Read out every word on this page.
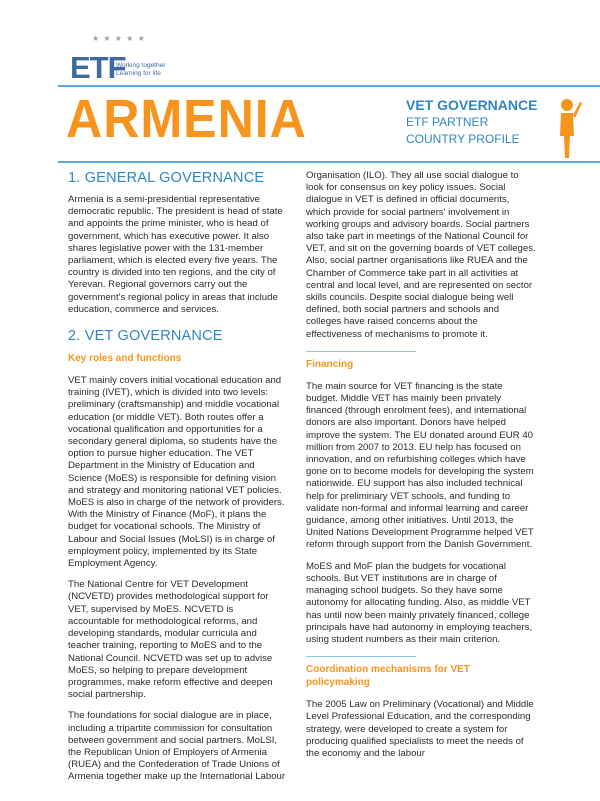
★ ★ ★ ★ ★
ETF
Working together
Learning for life
ARMENIA	VET GOVERNANCE
ETF PARTNER
COUNTRY PROFILE
1. GENERAL GOVERNANCE
Armenia is a semi-presidential representative democratic republic. The president is head of state and appoints the prime minister, who is head of government, which has executive power. It also shares legislative power with the 131-member parliament, which is elected every five years. The country is divided into ten regions, and the city of Yerevan. Regional governors carry out the government's regional policy in areas that include education, commerce and services.
2. VET GOVERNANCE
Key roles and functions
VET mainly covers initial vocational education and training (IVET), which is divided into two levels: preliminary (craftsmanship) and middle vocational education (or middle VET). Both routes offer a vocational qualification and opportunities for a secondary general diploma, so students have the option to pursue higher education. The VET Department in the Ministry of Education and Science (MoES) is responsible for defining vision and strategy and monitoring national VET policies. MoES is also in charge of the network of providers. With the Ministry of Finance (MoF), it plans the budget for vocational schools. The Ministry of Labour and Social Issues (MoLSI) is in charge of employment policy, implemented by its State Employment Agency.
The National Centre for VET Development (NCVETD) provides methodological support for VET, supervised by MoES. NCVETD is accountable for methodological reforms, and developing standards, modular curricula and teacher training, reporting to MoES and to the National Council. NCVETD was set up to advise MoES, so helping to prepare development programmes, make reform effective and deepen social partnership.
The foundations for social dialogue are in place, including a tripartite commission for consultation between government and social partners. MoLSI, the Republican Union of Employers of Armenia (RUEA) and the Confederation of Trade Unions of Armenia together make up the International Labour
Organisation (ILO). They all use social dialogue to look for consensus on key policy issues. Social dialogue in VET is defined in official documents, which provide for social partners' involvement in working groups and advisory boards. Social partners also take part in meetings of the National Council for VET, and sit on the governing boards of VET colleges. Also, social partner organisations like RUEA and the Chamber of Commerce take part in all activities at central and local level, and are represented on sector skills councils. Despite social dialogue being well defined, both social partners and schools and colleges have raised concerns about the effectiveness of mechanisms to promote it.
Financing
The main source for VET financing is the state budget. Middle VET has mainly been privately financed (through enrolment fees), and international donors are also important. Donors have helped improve the system. The EU donated around EUR 40 million from 2007 to 2013. EU help has focused on innovation, and on refurbishing colleges which have gone on to become models for developing the system nationwide. EU support has also included technical help for preliminary VET schools, and funding to validate non-formal and informal learning and career guidance, among other initiatives. Until 2013, the United Nations Development Programme helped VET reform through support from the Danish Government.
MoES and MoF plan the budgets for vocational schools. But VET institutions are in charge of managing school budgets. So they have some autonomy for allocating funding. Also, as middle VET has until now been mainly privately financed, college principals have had autonomy in employing teachers, using student numbers as their main criterion.
Coordination mechanisms for VET policymaking
The 2005 Law on Preliminary (Vocational) and Middle Level Professional Education, and the corresponding strategy, were developed to create a system for producing qualified specialists to meet the needs of the economy and the labour
